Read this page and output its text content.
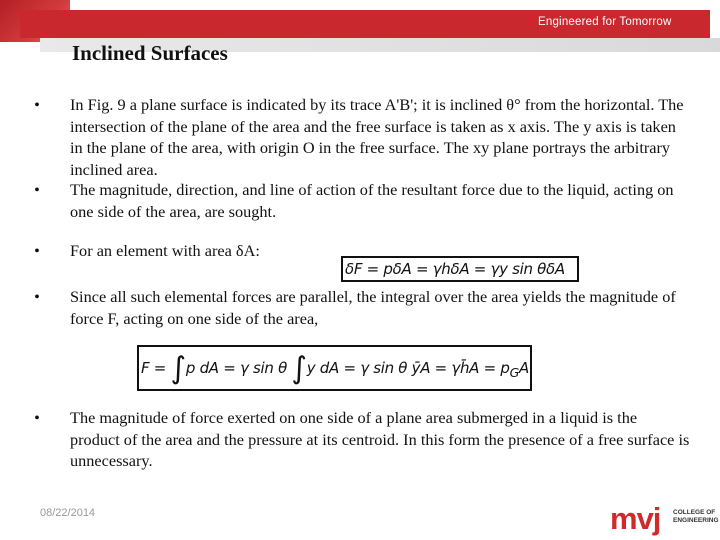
Engineered for Tomorrow
Inclined Surfaces
• In Fig. 9 a plane surface is indicated by its trace A'B'; it is inclined θ° from the horizontal. The intersection of the plane of the area and the free surface is taken as x axis. The y axis is taken in the plane of the area, with origin O in the free surface. The xy plane portrays the arbitrary inclined area.
• The magnitude, direction, and line of action of the resultant force due to the liquid, acting on one side of the area, are sought.
• For an element with area δA:
• Since all such elemental forces are parallel, the integral over the area yields the magnitude of force F, acting on one side of the area,
• The magnitude of force exerted on one side of a plane area submerged in a liquid is the product of the area and the pressure at its centroid. In this form the presence of a free surface is unnecessary.
δF = pδA = γhδA = γy sin θδA
F = ∫p dA = γ sin θ ∫y dA = γ sin θ ȳA = γh̄A = $p_GA$
08/22/2014	mvj COLLEGE OF ENGINEERING
